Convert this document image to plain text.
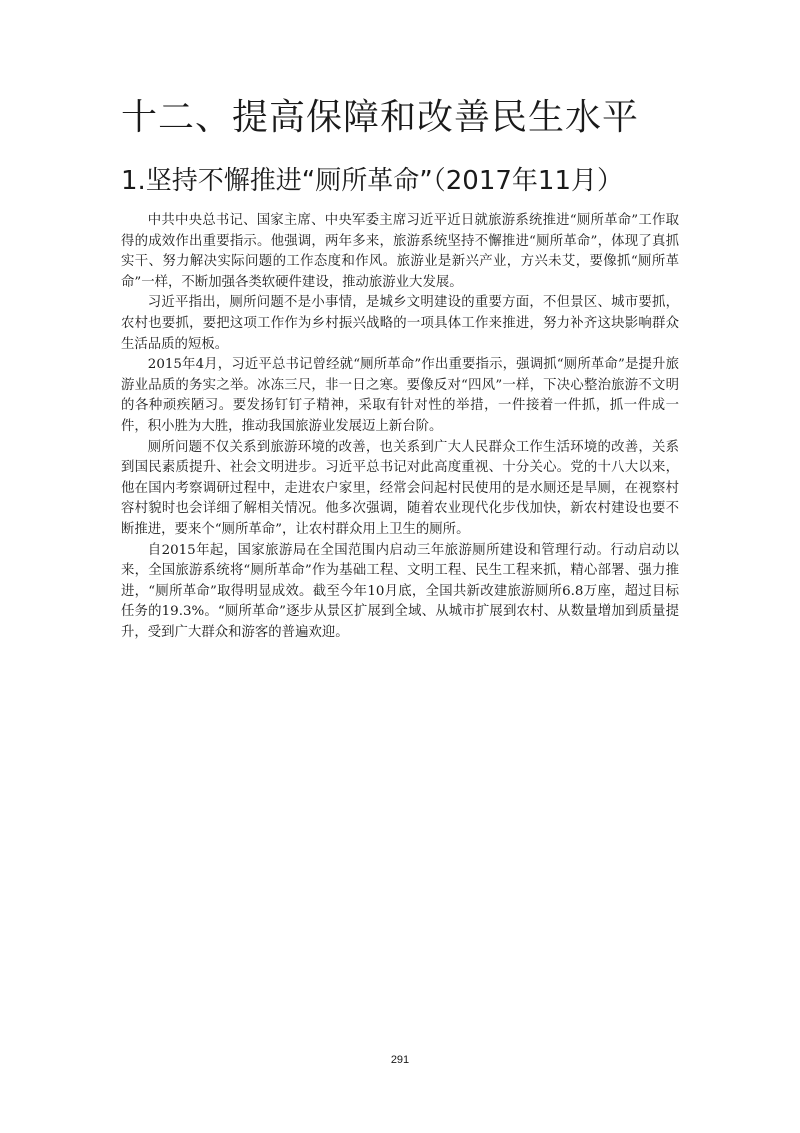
十二、提高保障和改善民生水平
1.坚持不懈推进“厕所革命”（2017年11月）

中共中央总书记、国家主席、中央军委主席习近平近日就旅游系统推进“厕所革命”工作取得的成效作出重要指示。他强调，两年多来，旅游系统坚持不懈推进“厕所革命”，体现了真抓实干、努力解决实际问题的工作态度和作风。旅游业是新兴产业，方兴未艾，要像抓“厕所革命”一样，不断加强各类软硬件建设，推动旅游业大发展。

习近平指出，厕所问题不是小事情，是城乡文明建设的重要方面，不但景区、城市要抓，农村也要抓，要把这项工作作为乡村振兴战略的一项具体工作来推进，努力补齐这块影响群众生活品质的短板。

2015年4月，习近平总书记曾经就“厕所革命”作出重要指示，强调抓“厕所革命”是提升旅游业品质的务实之举。冰冻三尺，非一日之寒。要像反对“四风”一样，下决心整治旅游不文明的各种顽疾陋习。要发扬钉钉子精神，采取有针对性的举措，一件接着一件抓，抓一件成一件，积小胜为大胜，推动我国旅游业发展迈上新台阶。

厕所问题不仅关系到旅游环境的改善，也关系到广大人民群众工作生活环境的改善，关系到国民素质提升、社会文明进步。习近平总书记对此高度重视、十分关心。党的十八大以来，他在国内考察调研过程中，走进农户家里，经常会问起村民使用的是水厕还是旱厕，在视察村容村貌时也会详细了解相关情况。他多次强调，随着农业现代化步伐加快，新农村建设也要不断推进，要来个“厕所革命”，让农村群众用上卫生的厕所。

自2015年起，国家旅游局在全国范围内启动三年旅游厕所建设和管理行动。行动启动以来，全国旅游系统将“厕所革命”作为基础工程、文明工程、民生工程来抓，精心部署、强力推进，“厕所革命”取得明显成效。截至今年10月底，全国共新改建旅游厕所6.8万座，超过目标任务的19.3%。“厕所革命”逐步从景区扩展到全域、从城市扩展到农村、从数量增加到质量提升，受到广大群众和游客的普遍欢迎。

291
